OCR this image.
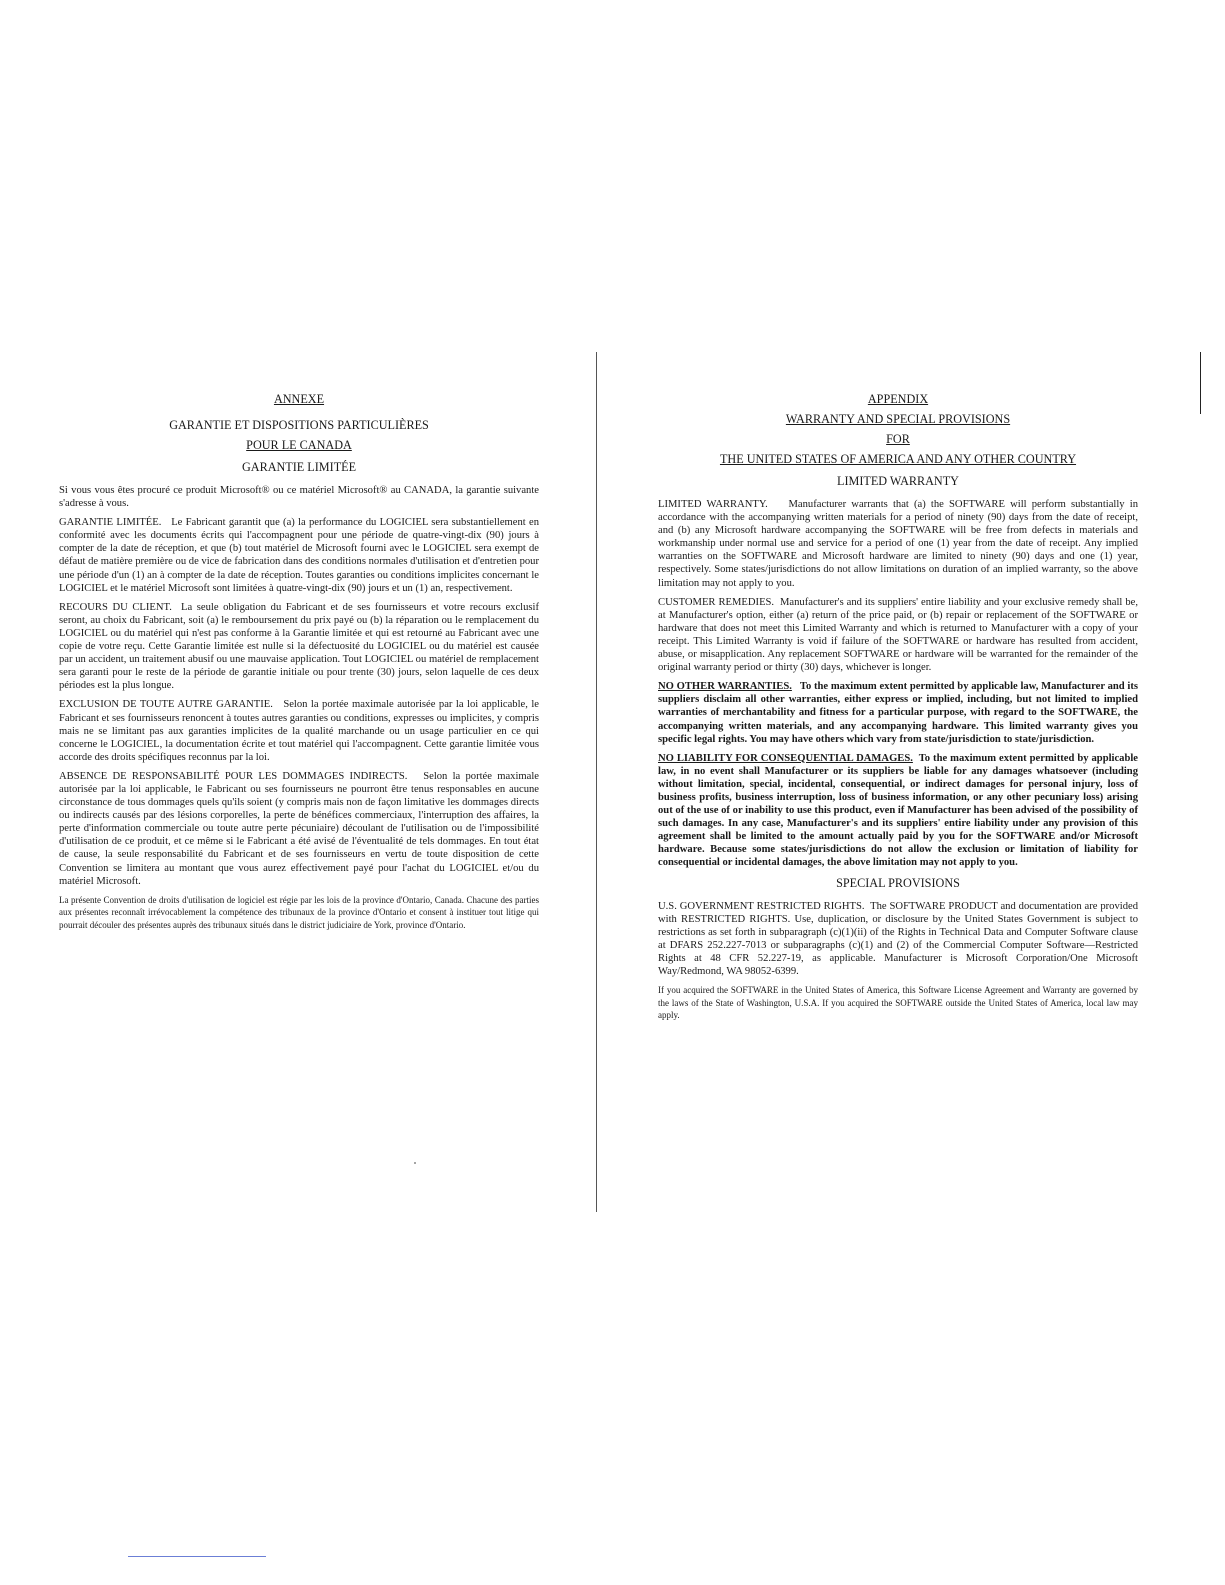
ANNEXE

GARANTIE ET DISPOSITIONS PARTICULIÈRES

POUR LE CANADA

GARANTIE LIMITÉE

Si vous vous êtes procuré ce produit Microsoft® ou ce matériel Microsoft® au CANADA, la garantie suivante s'adresse à vous.

GARANTIE LIMITÉE. Le Fabricant garantit que (a) la performance du LOGICIEL sera substantiellement en conformité avec les documents écrits qui l'accompagnent pour une période de quatre-vingt-dix (90) jours à compter de la date de réception, et que (b) tout matériel de Microsoft fourni avec le LOGICIEL sera exempt de défaut de matière première ou de vice de fabrication dans des conditions normales d'utilisation et d'entretien pour une période d'un (1) an à compter de la date de réception. Toutes garanties ou conditions implicites concernant le LOGICIEL et le matériel Microsoft sont limitées à quatre-vingt-dix (90) jours et un (1) an, respectivement.

RECOURS DU CLIENT. La seule obligation du Fabricant et de ses fournisseurs et votre recours exclusif seront, au choix du Fabricant, soit (a) le remboursement du prix payé ou (b) la réparation ou le remplacement du LOGICIEL ou du matériel qui n'est pas conforme à la Garantie limitée et qui est retourné au Fabricant avec une copie de votre reçu. Cette Garantie limitée est nulle si la défectuosité du LOGICIEL ou du matériel est causée par un accident, un traitement abusif ou une mauvaise application. Tout LOGICIEL ou matériel de remplacement sera garanti pour le reste de la période de garantie initiale ou pour trente (30) jours, selon laquelle de ces deux périodes est la plus longue.

EXCLUSION DE TOUTE AUTRE GARANTIE. Selon la portée maximale autorisée par la loi applicable, le Fabricant et ses fournisseurs renoncent à toutes autres garanties ou conditions, expresses ou implicites, y compris mais ne se limitant pas aux garanties implicites de la qualité marchande ou un usage particulier en ce qui concerne le LOGICIEL, la documentation écrite et tout matériel qui l'accompagnent. Cette garantie limitée vous accorde des droits spécifiques reconnus par la loi.

ABSENCE DE RESPONSABILITÉ POUR LES DOMMAGES INDIRECTS. Selon la portée maximale autorisée par la loi applicable, le Fabricant ou ses fournisseurs ne pourront être tenus responsables en aucune circonstance de tous dommages quels qu'ils soient (y compris mais non de façon limitative les dommages directs ou indirects causés par des lésions corporelles, la perte de bénéfices commerciaux, l'interruption des affaires, la perte d'information commerciale ou toute autre perte pécuniaire) découlant de l'utilisation ou de l'impossibilité d'utilisation de ce produit, et ce même si le Fabricant a été avisé de l'éventualité de tels dommages. En tout état de cause, la seule responsabilité du Fabricant et de ses fournisseurs en vertu de toute disposition de cette Convention se limitera au montant que vous aurez effectivement payé pour l'achat du LOGICIEL et/ou du matériel Microsoft.

La présente Convention de droits d'utilisation de logiciel est régie par les lois de la province d'Ontario, Canada. Chacune des parties aux présentes reconnaît irrévocablement la compétence des tribunaux de la province d'Ontario et consent à instituer tout litige qui pourrait découler des présentes auprès des tribunaux situés dans le district judiciaire de York, province d'Ontario.

APPENDIX

WARRANTY AND SPECIAL PROVISIONS

FOR

THE UNITED STATES OF AMERICA AND ANY OTHER COUNTRY

LIMITED WARRANTY

LIMITED WARRANTY. Manufacturer warrants that (a) the SOFTWARE will perform substantially in accordance with the accompanying written materials for a period of ninety (90) days from the date of receipt, and (b) any Microsoft hardware accompanying the SOFTWARE will be free from defects in materials and workmanship under normal use and service for a period of one (1) year from the date of receipt. Any implied warranties on the SOFTWARE and Microsoft hardware are limited to ninety (90) days and one (1) year, respectively. Some states/jurisdictions do not allow limitations on duration of an implied warranty, so the above limitation may not apply to you.

CUSTOMER REMEDIES. Manufacturer's and its suppliers' entire liability and your exclusive remedy shall be, at Manufacturer's option, either (a) return of the price paid, or (b) repair or replacement of the SOFTWARE or hardware that does not meet this Limited Warranty and which is returned to Manufacturer with a copy of your receipt. This Limited Warranty is void if failure of the SOFTWARE or hardware has resulted from accident, abuse, or misapplication. Any replacement SOFTWARE or hardware will be warranted for the remainder of the original warranty period or thirty (30) days, whichever is longer.

NO OTHER WARRANTIES. To the maximum extent permitted by applicable law, Manufacturer and its suppliers disclaim all other warranties, either express or implied, including, but not limited to implied warranties of merchantability and fitness for a particular purpose, with regard to the SOFTWARE, the accompanying written materials, and any accompanying hardware. This limited warranty gives you specific legal rights. You may have others which vary from state/jurisdiction to state/jurisdiction.

NO LIABILITY FOR CONSEQUENTIAL DAMAGES. To the maximum extent permitted by applicable law, in no event shall Manufacturer or its suppliers be liable for any damages whatsoever (including without limitation, special, incidental, consequential, or indirect damages for personal injury, loss of business profits, business interruption, loss of business information, or any other pecuniary loss) arising out of the use of or inability to use this product, even if Manufacturer has been advised of the possibility of such damages. In any case, Manufacturer's and its suppliers' entire liability under any provision of this agreement shall be limited to the amount actually paid by you for the SOFTWARE and/or Microsoft hardware. Because some states/jurisdictions do not allow the exclusion or limitation of liability for consequential or incidental damages, the above limitation may not apply to you.

SPECIAL PROVISIONS

U.S. GOVERNMENT RESTRICTED RIGHTS. The SOFTWARE PRODUCT and documentation are provided with RESTRICTED RIGHTS. Use, duplication, or disclosure by the United States Government is subject to restrictions as set forth in subparagraph (c)(1)(ii) of the Rights in Technical Data and Computer Software clause at DFARS 252.227-7013 or subparagraphs (c)(1) and (2) of the Commercial Computer Software—Restricted Rights at 48 CFR 52.227-19, as applicable. Manufacturer is Microsoft Corporation/One Microsoft Way/Redmond, WA 98052-6399.

If you acquired the SOFTWARE in the United States of America, this Software License Agreement and Warranty are governed by the laws of the State of Washington, U.S.A. If you acquired the SOFTWARE outside the United States of America, local law may apply.
